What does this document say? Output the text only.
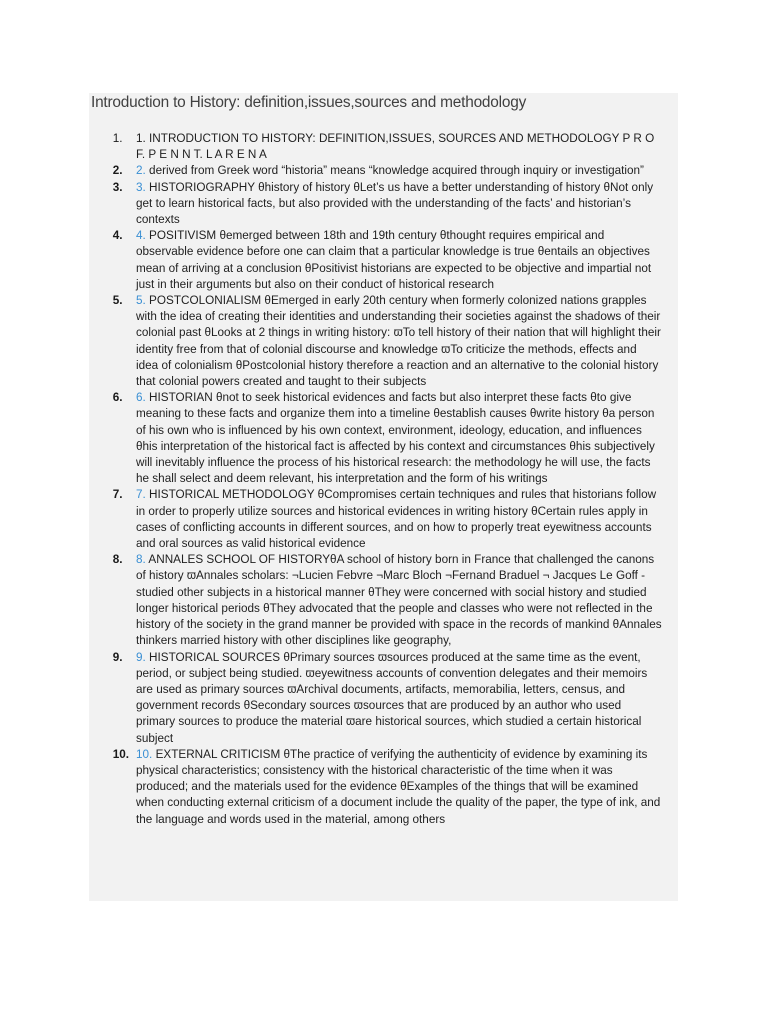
Introduction to History: definition,issues,sources and methodology
1.	1. INTRODUCTION TO HISTORY: DEFINITION,ISSUES, SOURCES AND METHODOLOGY P R O F. P E N N T. L A R E N A
2.	2. derived from Greek word “historia” means “knowledge acquired through inquiry or investigation”
3.	3. HISTORIOGRAPHY θhistory of history θLet’s us have a better understanding of history θNot only get to learn historical facts, but also provided with the understanding of the facts’ and historian’s contexts
4.	4. POSITIVISM θemerged between 18th and 19th century θthought requires empirical and observable evidence before one can claim that a particular knowledge is true θentails an objectives mean of arriving at a conclusion θPositivist historians are expected to be objective and impartial not just in their arguments but also on their conduct of historical research
5.	5. POSTCOLONIALISM θEmerged in early 20th century when formerly colonized nations grapples with the idea of creating their identities and understanding their societies against the shadows of their colonial past θLooks at 2 things in writing history: ϖTo tell history of their nation that will highlight their identity free from that of colonial discourse and knowledge ϖTo criticize the methods, effects and idea of colonialism θPostcolonial history therefore a reaction and an alternative to the colonial history that colonial powers created and taught to their subjects
6.	6. HISTORIAN θnot to seek historical evidences and facts but also interpret these facts θto give meaning to these facts and organize them into a timeline θestablish causes θwrite history θa person of his own who is influenced by his own context, environment, ideology, education, and influences θhis interpretation of the historical fact is affected by his context and circumstances θhis subjectively will inevitably influence the process of his historical research: the methodology he will use, the facts he shall select and deem relevant, his interpretation and the form of his writings
7.	7. HISTORICAL METHODOLOGY θCompromises certain techniques and rules that historians follow in order to properly utilize sources and historical evidences in writing history θCertain rules apply in cases of conflicting accounts in different sources, and on how to properly treat eyewitness accounts and oral sources as valid historical evidence
8.	8. ANNALES SCHOOL OF HISTORYθA school of history born in France that challenged the canons of history ϖAnnales scholars: ¬Lucien Febvre ¬Marc Bloch ¬Fernand Braduel ¬ Jacques Le Goff -studied other subjects in a historical manner θThey were concerned with social history and studied longer historical periods θThey advocated that the people and classes who were not reflected in the history of the society in the grand manner be provided with space in the records of mankind θAnnales thinkers married history with other disciplines like geography,
9.	9. HISTORICAL SOURCES θPrimary sources ϖsources produced at the same time as the event, period, or subject being studied. ϖeyewitness accounts of convention delegates and their memoirs are used as primary sources ϖArchival documents, artifacts, memorabilia, letters, census, and government records θSecondary sources ϖsources that are produced by an author who used primary sources to produce the material ϖare historical sources, which studied a certain historical subject
10. 10. EXTERNAL CRITICISM θThe practice of verifying the authenticity of evidence by examining its physical characteristics; consistency with the historical characteristic of the time when it was produced; and the materials used for the evidence θExamples of the things that will be examined when conducting external criticism of a document include the quality of the paper, the type of ink, and the language and words used in the material, among others
